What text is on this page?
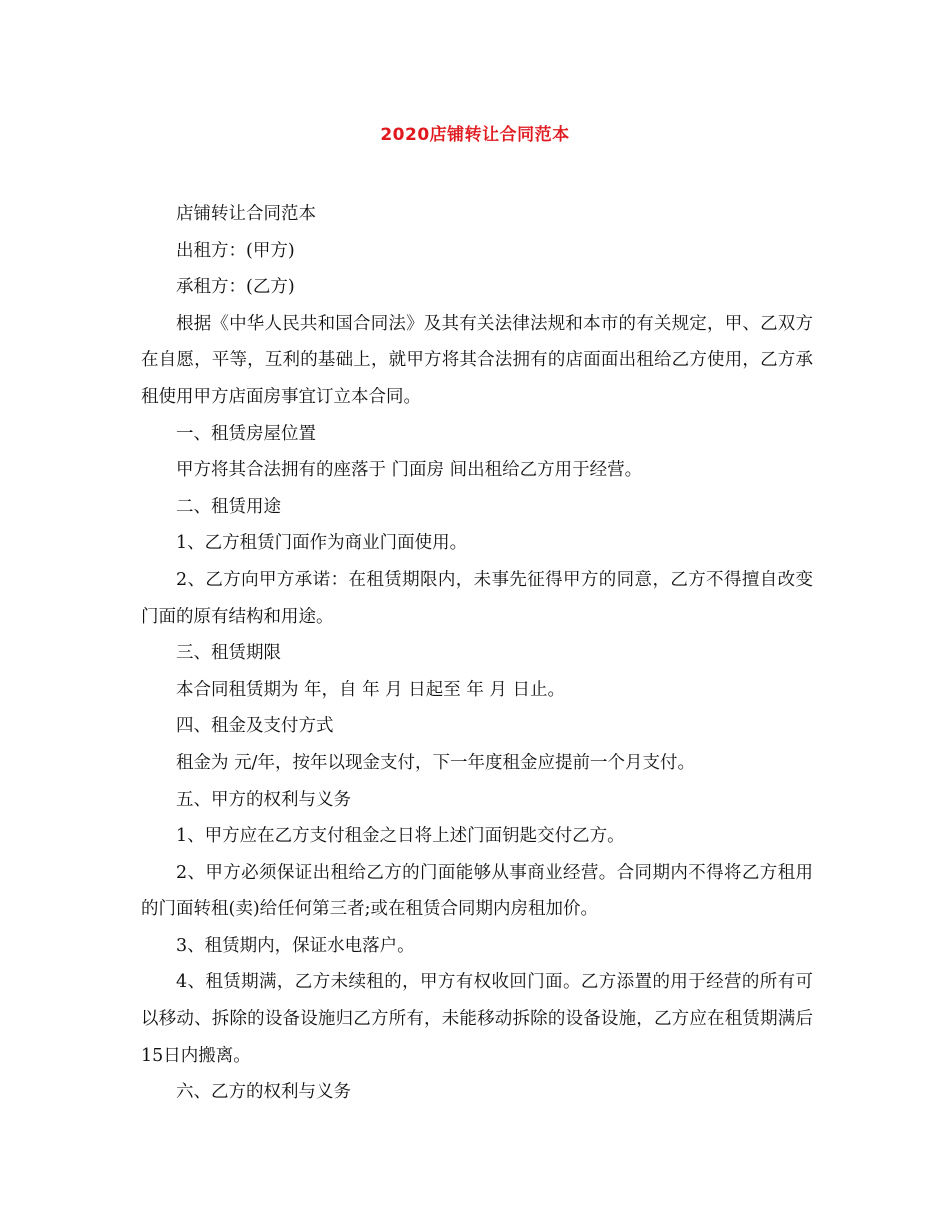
2020店铺转让合同范本

店铺转让合同范本

出租方：(甲方)

承租方：(乙方)

根据《中华人民共和国合同法》及其有关法律法规和本市的有关规定，甲、乙双方在自愿，平等，互利的基础上，就甲方将其合法拥有的店面面出租给乙方使用，乙方承租使用甲方店面房事宜订立本合同。

一、租赁房屋位置

甲方将其合法拥有的座落于 门面房 间出租给乙方用于经营。

二、租赁用途

1、乙方租赁门面作为商业门面使用。

2、乙方向甲方承诺：在租赁期限内，未事先征得甲方的同意，乙方不得擅自改变门面的原有结构和用途。

三、租赁期限

本合同租赁期为 年，自 年 月 日起至 年 月 日止。

四、租金及支付方式

租金为 元/年，按年以现金支付，下一年度租金应提前一个月支付。

五、甲方的权利与义务

1、甲方应在乙方支付租金之日将上述门面钥匙交付乙方。

2、甲方必须保证出租给乙方的门面能够从事商业经营。合同期内不得将乙方租用的门面转租(卖)给任何第三者;或在租赁合同期内房租加价。

3、租赁期内，保证水电落户。

4、租赁期满，乙方未续租的，甲方有权收回门面。乙方添置的用于经营的所有可以移动、拆除的设备设施归乙方所有，未能移动拆除的设备设施，乙方应在租赁期满后15日内搬离。

六、乙方的权利与义务
